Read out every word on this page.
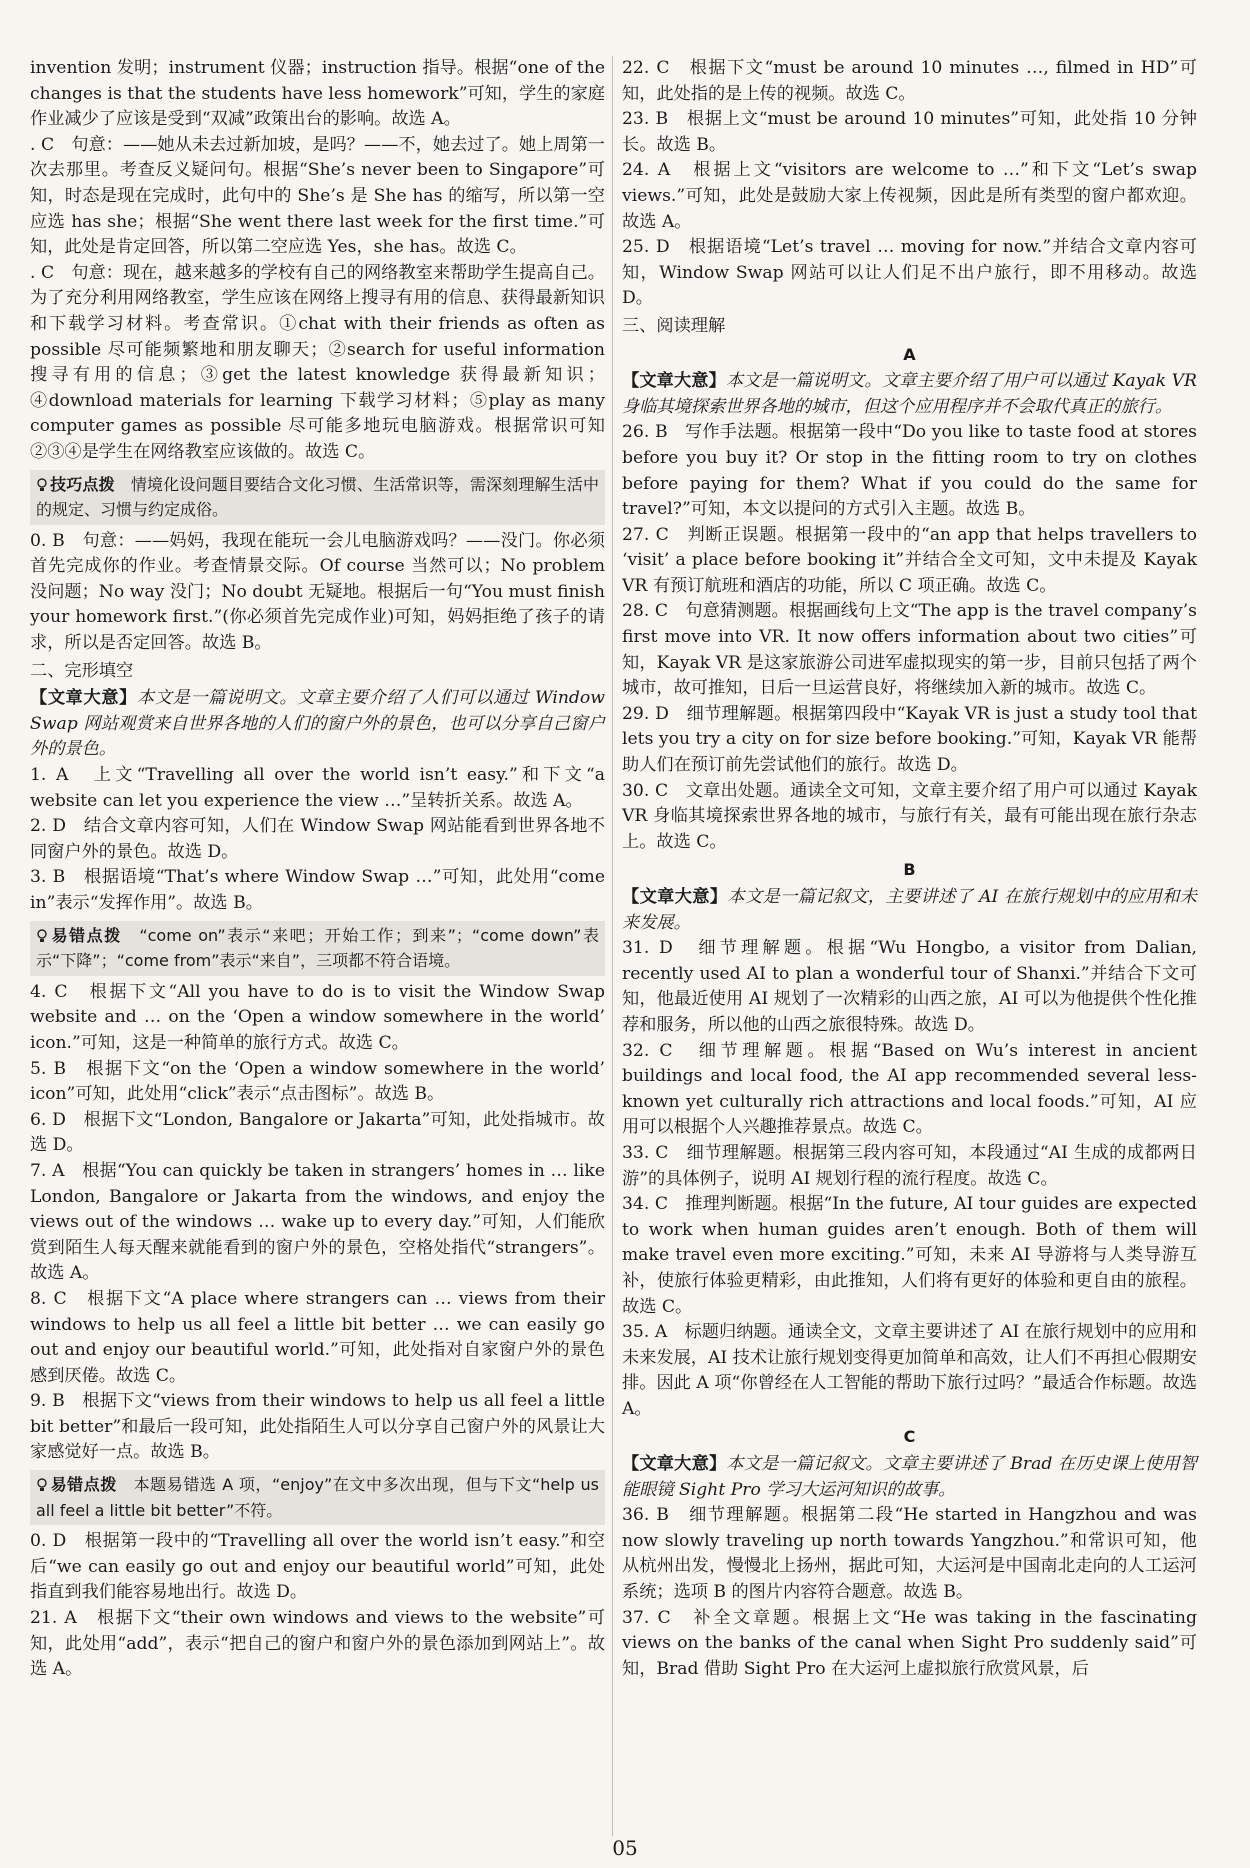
invention 发明；instrument 仪器；instruction 指导。根据“one of the changes is that the students have less homework”可知，学生的家庭作业减少了应该是受到“双减”政策出台的影响。故选 A。

. C　句意：——她从未去过新加坡，是吗？——不，她去过了。她上周第一次去那里。考查反义疑问句。根据“She’s never been to Singapore”可知，时态是现在完成时，此句中的 She’s 是 She has 的缩写，所以第一空应选 has she；根据“She went there last week for the first time.”可知，此处是肯定回答，所以第二空应选 Yes，she has。故选 C。

. C　句意：现在，越来越多的学校有自己的网络教室来帮助学生提高自己。为了充分利用网络教室，学生应该在网络上搜寻有用的信息、获得最新知识和下载学习材料。考查常识。①chat with their friends as often as possible 尽可能频繁地和朋友聊天；②search for useful information 搜寻有用的信息；③get the latest knowledge 获得最新知识；④download materials for learning 下载学习材料；⑤play as many computer games as possible 尽可能多地玩电脑游戏。根据常识可知②③④是学生在网络教室应该做的。故选 C。

技巧点拨　 情境化设问题目要结合文化习惯、生活常识等，需深刻理解生活中的规定、习惯与约定成俗。

0. B　句意：——妈妈，我现在能玩一会儿电脑游戏吗？——没门。你必须首先完成你的作业。考查情景交际。Of course 当然可以；No problem 没问题；No way 没门；No doubt 无疑地。根据后一句“You must finish your homework first.”(你必须首先完成作业)可知，妈妈拒绝了孩子的请求，所以是否定回答。故选 B。

二、完形填空

【文章大意】本文是一篇说明文。文章主要介绍了人们可以通过 Window Swap 网站观赏来自世界各地的人们的窗户外的景色，也可以分享自己窗户外的景色。

1. A　上文“Travelling all over the world isn’t easy.”和下文“a website can let you experience the view …”呈转折关系。故选 A。

2. D　结合文章内容可知，人们在 Window Swap 网站能看到世界各地不同窗户外的景色。故选 D。

3. B　根据语境“That’s where Window Swap …”可知，此处用“come in”表示“发挥作用”。故选 B。

易错点拨　 “come on”表示“来吧；开始工作；到来”；“come down”表示“下降”；“come from”表示“来自”，三项都不符合语境。

4. C　根据下文“All you have to do is to visit the Window Swap website and … on the ‘Open a window somewhere in the world’ icon.”可知，这是一种简单的旅行方式。故选 C。

5. B　根据下文“on the ‘Open a window somewhere in the world’ icon”可知，此处用“click”表示“点击图标”。故选 B。

6. D　根据下文“London, Bangalore or Jakarta”可知，此处指城市。故选 D。

7. A　根据“You can quickly be taken in strangers’ homes in … like London, Bangalore or Jakarta from the windows, and enjoy the views out of the windows … wake up to every day.”可知，人们能欣赏到陌生人每天醒来就能看到的窗户外的景色，空格处指代“strangers”。故选 A。

8. C　根据下文“A place where strangers can … views from their windows to help us all feel a little bit better … we can easily go out and enjoy our beautiful world.”可知，此处指对自家窗户外的景色感到厌倦。故选 C。

9. B　根据下文“views from their windows to help us all feel a little bit better”和最后一段可知，此处指陌生人可以分享自己窗户外的风景让大家感觉好一点。故选 B。

易错点拨　 本题易错选 A 项，“enjoy”在文中多次出现，但与下文“help us all feel a little bit better”不符。

0. D　根据第一段中的“Travelling all over the world isn’t easy.”和空后“we can easily go out and enjoy our beautiful world”可知，此处指直到我们能容易地出行。故选 D。

21. A　根据下文“their own windows and views to the website”可知，此处用“add”，表示“把自己的窗户和窗户外的景色添加到网站上”。故选 A。

22. C　根据下文“must be around 10 minutes …, filmed in HD”可知，此处指的是上传的视频。故选 C。

23. B　根据上文“must be around 10 minutes”可知，此处指 10 分钟长。故选 B。

24. A　根据上文“visitors are welcome to …”和下文“Let’s swap views.”可知，此处是鼓励大家上传视频，因此是所有类型的窗户都欢迎。故选 A。

25. D　根据语境“Let’s travel … moving for now.”并结合文章内容可知，Window Swap 网站可以让人们足不出户旅行，即不用移动。故选 D。

三、阅读理解
A

【文章大意】本文是一篇说明文。文章主要介绍了用户可以通过 Kayak VR 身临其境探索世界各地的城市，但这个应用程序并不会取代真正的旅行。

26. B　写作手法题。根据第一段中“Do you like to taste food at stores before you buy it? Or stop in the fitting room to try on clothes before paying for them? What if you could do the same for travel?”可知，本文以提问的方式引入主题。故选 B。

27. C　判断正误题。根据第一段中的“an app that helps travellers to ‘visit’ a place before booking it”并结合全文可知，文中未提及 Kayak VR 有预订航班和酒店的功能，所以 C 项正确。故选 C。

28. C　句意猜测题。根据画线句上文“The app is the travel company’s first move into VR. It now offers information about two cities”可知，Kayak VR 是这家旅游公司进军虚拟现实的第一步，目前只包括了两个城市，故可推知，日后一旦运营良好，将继续加入新的城市。故选 C。

29. D　细节理解题。根据第四段中“Kayak VR is just a study tool that lets you try a city on for size before booking.”可知，Kayak VR 能帮助人们在预订前先尝试他们的旅行。故选 D。

30. C　文章出处题。通读全文可知，文章主要介绍了用户可以通过 Kayak VR 身临其境探索世界各地的城市，与旅行有关，最有可能出现在旅行杂志上。故选 C。

B

【文章大意】本文是一篇记叙文，主要讲述了 AI 在旅行规划中的应用和未来发展。

31. D　细节理解题。根据“Wu Hongbo, a visitor from Dalian, recently used AI to plan a wonderful tour of Shanxi.”并结合下文可知，他最近使用 AI 规划了一次精彩的山西之旅，AI 可以为他提供个性化推荐和服务，所以他的山西之旅很特殊。故选 D。

32. C　细节理解题。根据“Based on Wu’s interest in ancient buildings and local food, the AI app recommended several less-known yet culturally rich attractions and local foods.”可知，AI 应用可以根据个人兴趣推荐景点。故选 C。

33. C　细节理解题。根据第三段内容可知，本段通过“AI 生成的成都两日游”的具体例子，说明 AI 规划行程的流行程度。故选 C。

34. C　推理判断题。根据“In the future, AI tour guides are expected to work when human guides aren’t enough. Both of them will make travel even more exciting.”可知，未来 AI 导游将与人类导游互补，使旅行体验更精彩，由此推知，人们将有更好的体验和更自由的旅程。故选 C。

35. A　标题归纳题。通读全文，文章主要讲述了 AI 在旅行规划中的应用和未来发展，AI 技术让旅行规划变得更加简单和高效，让人们不再担心假期安排。因此 A 项“你曾经在人工智能的帮助下旅行过吗？”最适合作标题。故选 A。

C

【文章大意】本文是一篇记叙文。文章主要讲述了 Brad 在历史课上使用智能眼镜 Sight Pro 学习大运河知识的故事。

36. B　细节理解题。根据第二段“He started in Hangzhou and was now slowly traveling up north towards Yangzhou.”和常识可知，他从杭州出发，慢慢北上扬州，据此可知，大运河是中国南北走向的人工运河系统；选项 B 的图片内容符合题意。故选 B。

37. C　补全文章题。根据上文“He was taking in the fascinating views on the banks of the canal when Sight Pro suddenly said”可知，Brad 借助 Sight Pro 在大运河上虚拟旅行欣赏风景，后

05
